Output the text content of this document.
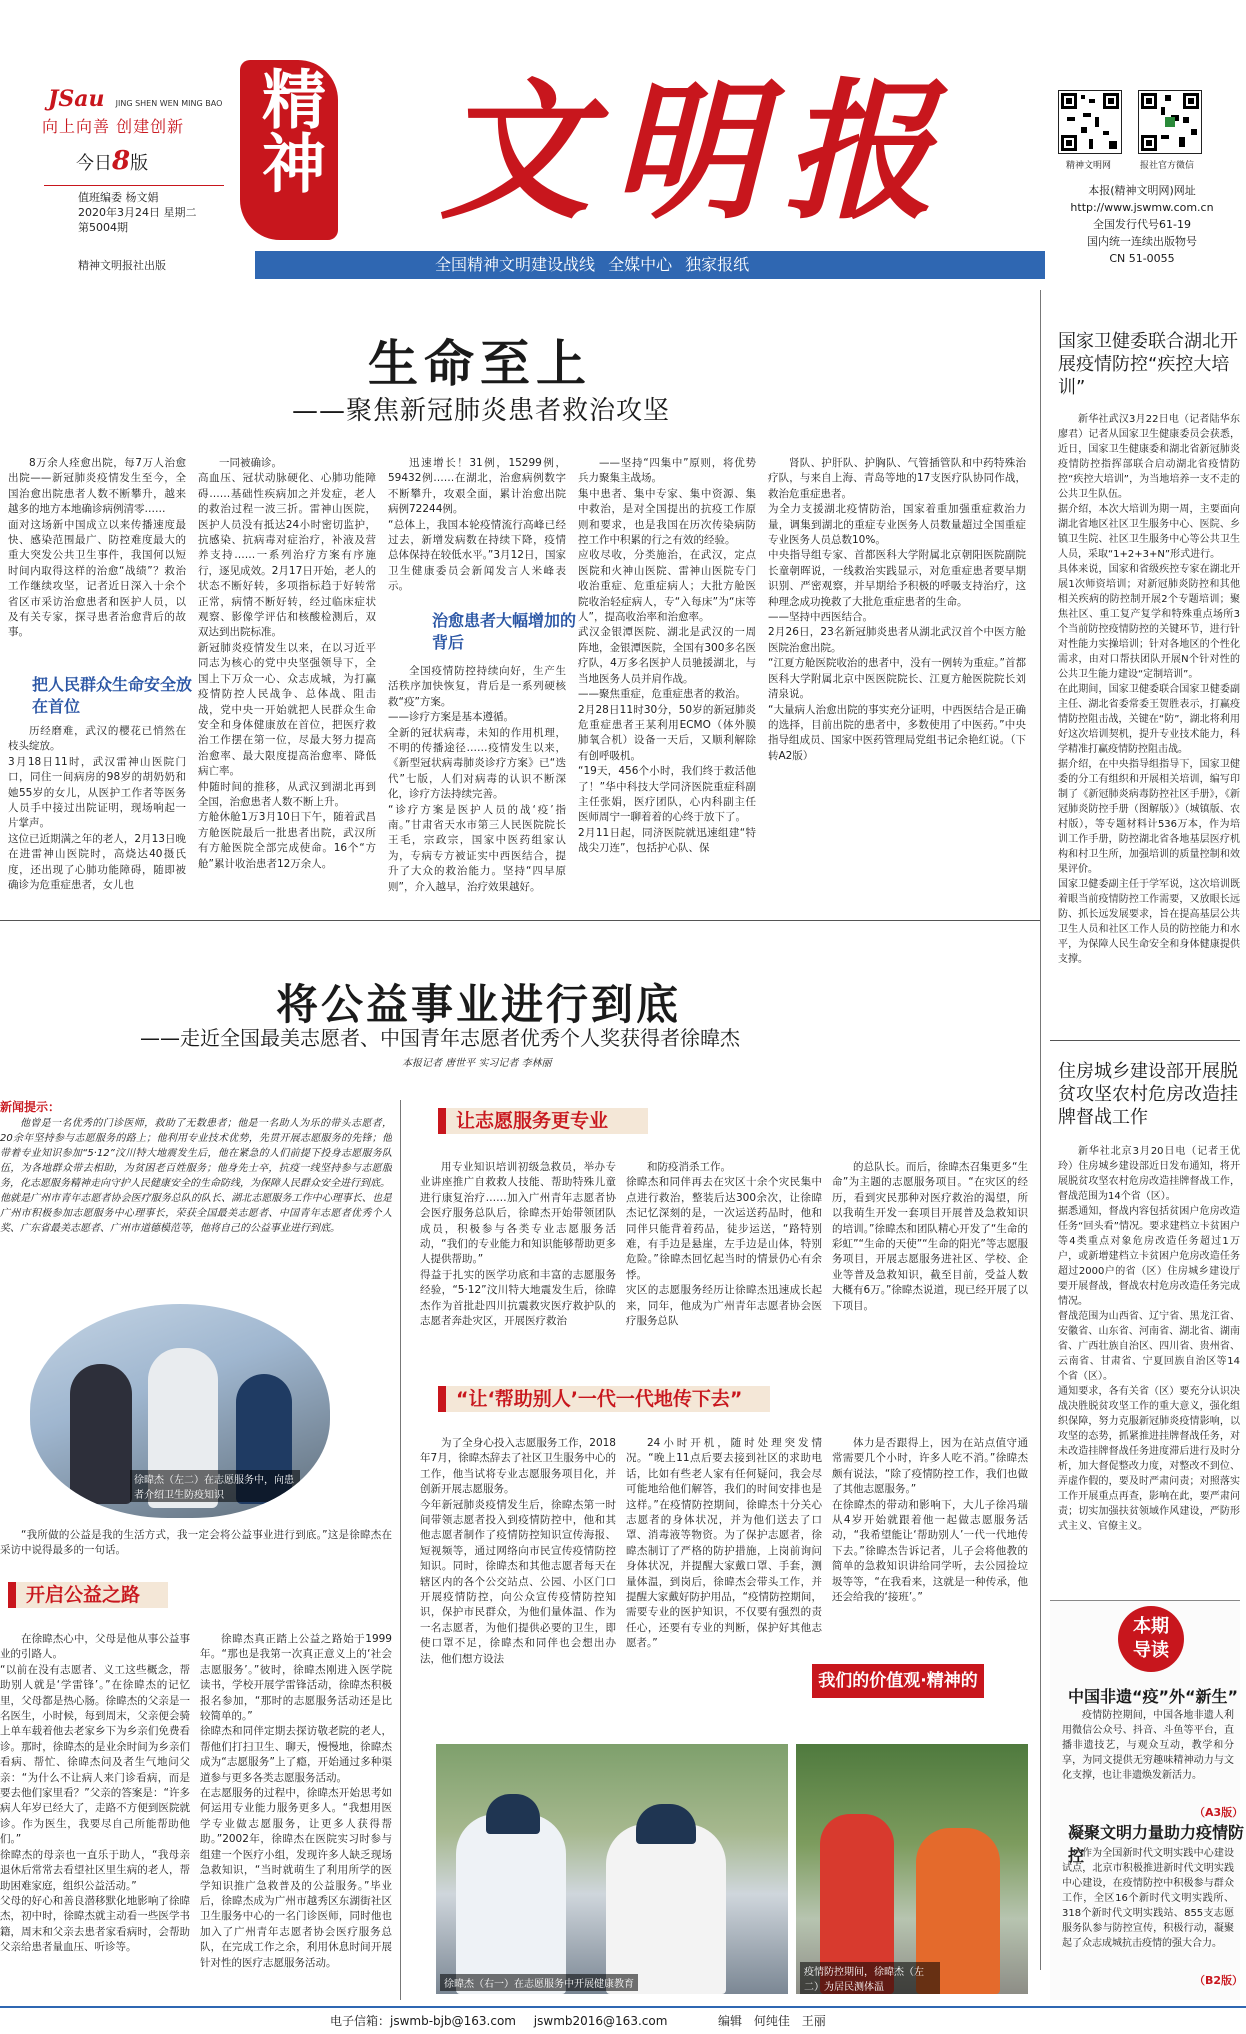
JSau JING SHEN WEN MING BAO
向上向善 创建创新
今日8版
值班编委 杨文娟
2020年3月24日 星期二
第5004期
精神文明报社出版
精神 文明报
全国精神文明建设战线 全媒中心 独家报纸
精神文明网	报社官方微信
本报(精神文明网)网址
http://www.jswmw.com.cn
全国发行代号61-19
国内统一连续出版物号
CN 51-0055
生命至上
——聚焦新冠肺炎患者救治攻坚

8万余人痊愈出院，每7万人治愈出院——新冠肺炎疫情发生至今，全国治愈出院患者人数不断攀升，越来越多的地方本地确诊病例清零……
面对这场新中国成立以来传播速度最快、感染范围最广、防控难度最大的重大突发公共卫生事件，我国何以短时间内取得这样的治愈“战绩”？救治工作继续攻坚，记者近日深入十余个省区市采访治愈患者和医护人员，以及有关专家，探寻患者治愈背后的故事。

把人民群众生命安全放在首位

历经磨难，武汉的樱花已悄然在枝头绽放。
3月18日11时，武汉雷神山医院门口，同住一间病房的98岁的胡奶奶和她55岁的女儿，从医护工作者等医务人员手中接过出院证明，现场响起一片掌声。
这位已近期满之年的老人，2月13日晚在进雷神山医院时，高烧达40摄氏度，还出现了心肺功能障碍，随即被确诊为危重症患者，女儿也

一同被确诊。
高血压、冠状动脉硬化、心肺功能障碍……基础性疾病加之并发症，老人的救治过程一波三折。雷神山医院，医护人员没有抵达24小时密切监护，抗感染、抗病毒对症治疗，补液及营养支持……一系列治疗方案有序施行，逐见成效。2月17日开始，老人的状态不断好转，多项指标趋于好转常正常，病情不断好转，经过临床症状观察、影像学评估和核酸检测后，双双达到出院标准。
新冠肺炎疫情发生以来，在以习近平同志为核心的党中央坚强领导下，全国上下万众一心、众志成城，为打赢疫情防控人民战争、总体战、阻击战，党中央一开始就把人民群众生命安全和身体健康放在首位，把医疗救治工作摆在第一位，尽最大努力提高治愈率、最大限度提高治愈率、降低病亡率。
仲随时间的推移，从武汉到湖北再到全国，治愈患者人数不断上升。
方舱休舱1万3月10日下午，随着武昌方舱医院最后一批患者出院，武汉所有方舱医院全部完成使命。16个“方舱”累计收治患者12万余人。

迅速增长！31例，15299例，59432例……在湖北，治愈病例数字不断攀升，攻艰全面，累计治愈出院病例72244例。
“总体上，我国本轮疫情流行高峰已经过去，新增发病数在持续下降，疫情总体保持在较低水平。”3月12日，国家卫生健康委员会新闻发言人米峰表示。

治愈患者大幅增加的背后

全国疫情防控持续向好，生产生活秩序加快恢复，背后是一系列硬核救“疫”方案。
——诊疗方案是基本遵循。
全新的冠状病毒，未知的作用机理，不明的传播途径……疫情发生以来，《新型冠状病毒肺炎诊疗方案》已“迭代”七版，人们对病毒的认识不断深化，诊疗方法持续完善。
“诊疗方案是医护人员的战‘疫’指南。”甘肃省天水市第三人民医院院长王毛，宗政宗，国家中医药组家认为，专病专方被证实中西医结合，提升了大众的救治能力。坚持“四早原则”，介入越早，治疗效果越好。

——坚持“四集中”原则，将优势兵力聚集主战场。
集中患者、集中专家、集中资源、集中救治，是对全国提出的抗疫工作原则和要求，也是我国在历次传染病防控工作中积累的行之有效的经验。
应收尽收，分类施治，在武汉，定点医院和火神山医院、雷神山医院专门收治重症、危重症病人；大批方舱医院收治轻症病人，专“入每床”为“床等人”，提高收治率和治愈率。
武汉金银潭医院、湖北是武汉的一周阵地，金银潭医院，全国有300多名医疗队，4万多名医护人员驰援湖北，与当地医务人员并肩作战。
——聚焦重症，危重症患者的救治。
2月28日11时30分，50岁的新冠肺炎危重症患者王某利用ECMO（体外膜肺氧合机）设备一天后，又顺利解除有创呼吸机。
“19天，456个小时，我们终于救活他了！”华中科技大学同济医院重症科副主任张娟，医疗团队，心内科副主任医师周宁一聊着着的心终于放下了。
2月11日起，同济医院就迅速组建“特战尖刀连”，包括护心队、保

肾队、护肝队、护胸队、气管插管队和中药特殊治疗队，与来自上海、青岛等地的17支医疗队协同作战，救治危重症患者。
为全力支援湖北疫情防治，国家着重加强重症救治力量，调集到湖北的重症专业医务人员数量超过全国重症专业医务人员总数10%。
中央指导组专家、首都医科大学附属北京朝阳医院副院长童朝晖说，一线救治实践显示，对危重症患者要早期识别、严密观察，并早期给予积极的呼吸支持治疗，这种理念成功挽救了大批危重症患者的生命。
——坚持中西医结合。
2月26日，23名新冠肺炎患者从湖北武汉首个中医方舱医院治愈出院。
“江夏方舱医院收治的患者中，没有一例转为重症。”首都医科大学附属北京中医医院院长、江夏方舱医院院长刘清泉说。
“大量病人治愈出院的事实充分证明，中西医结合是正确的选择，目前出院的患者中，多数使用了中医药。”中央指导组成员、国家中医药管理局党组书记余艳红说。（下转A2版）

国家卫健委联合湖北开展疫情防控“疾控大培训”

新华社武汉3月22日电（记者陆华东 廖君）记者从国家卫生健康委员会获悉，近日，国家卫生健康委和湖北省新冠肺炎疫情防控指挥部联合启动湖北省疫情防控“疾控大培训”，为当地培养一支不走的公共卫生队伍。
据介绍，本次大培训为期一周，主要面向湖北省地区社区卫生服务中心、医院、乡镇卫生院、社区卫生服务中心等公共卫生人员，采取“1+2+3+N”形式进行。
具体来说，国家和省级疾控专家在湖北开展1次师资培训；对新冠肺炎防控和其他相关疾病的防控制开展2个专题培训；聚焦社区、重工复产复学和特殊重点场所3个当前防控疫情防控的关键环节，进行针对性能力实操培训；针对各地区的个性化需求，由对口帮扶团队开展N个针对性的公共卫生能力建设“定制培训”。
在此期间，国家卫健委联合国家卫健委副主任、湖北省委常委王贺胜表示，打赢疫情防控阻击战，关键在“防”，湖北将利用好这次培训契机，提升专业技术能力，科学精准打赢疫情防控阻击战。
据介绍，在中央指导组指导下，国家卫健委的分工有组织和开展相关培训，编写印制了《新冠肺炎病毒防控社区手册》，《新冠肺炎防控手册（图解版）》（城镇版、农村版），等专题材料计536万本，作为培训工作手册，防控湖北省各地基层医疗机构和村卫生所，加强培训的质量控制和效果评价。
国家卫健委副主任于学军说，这次培训既着眼当前疫情防控工作需要，又放眼长远防、抓长远发展要求，旨在提高基层公共卫生人员和社区工作人员的防控能力和水平，为保障人民生命安全和身体健康提供支撑。

住房城乡建设部开展脱贫攻坚农村危房改造挂牌督战工作

新华社北京3月20日电（记者王优玲）住房城乡建设部近日发布通知，将开展脱贫攻坚农村危房改造挂牌督战工作，督战范围为14个省（区）。
据悉通知，督战内容包括贫困户危房改造任务“回头看”情况。要求建档立卡贫困户等4类重点对象危房改造任务超过1万户，或新增建档立卡贫困户危房改造任务超过2000户的省（区）住房城乡建设厅要开展督战，督战农村危房改造任务完成情况。
督战范围为山西省、辽宁省、黑龙江省、安徽省、山东省、河南省、湖北省、湖南省、广西壮族自治区、四川省、贵州省、云南省、甘肃省、宁夏回族自治区等14个省（区）。
通知要求，各有关省（区）要充分认识决战决胜脱贫攻坚工作的重大意义，强化组织保障，努力克服新冠肺炎疫情影响，以攻坚的态势，抓紧推进挂牌督战任务，对未改造挂牌督战任务进度滞后进行及时分析，加大督促整改力度，对整改不到位、弄虚作假的，要及时严肃问责；对照落实工作开展重点再查，影响在此，要严肃问责；切实加强扶贫领域作风建设，严防形式主义、官僚主义。

本期导读
中国非遗“疫”外“新生”

疫情防控期间，中国各地非遗人利用微信公众号、抖音、斗鱼等平台，直播非遗技艺，与观众互动，教学和分享，为同文提供无穷趣味精神动力与文化支撑，也让非遗焕发新活力。

（A3版）
凝聚文明力量助力疫情防控

作为全国新时代文明实践中心建设试点，北京市积极推进新时代文明实践中心建设，在疫情防控中积极参与群众工作，全区16个新时代文明实践所、318个新时代文明实践站、855支志愿服务队参与防控宣传，积极行动，凝聚起了众志成城抗击疫情的强大合力。

（B2版）
将公益事业进行到底
——走近全国最美志愿者、中国青年志愿者优秀个人奖获得者徐暐杰
本报记者 唐世平 实习记者 李林丽
新闻提示：
他曾是一名优秀的门诊医师，救助了无数患者；他是一名助人为乐的带头志愿者，20余年坚持参与志愿服务的路上；他利用专业技术优势，先贯开展志愿服务的先锋；他带着专业知识参加“5·12”汶川特大地震发生后，他在紧急的人们前提下投身志愿服务队伍，为各地群众带去相助，为贫困老百姓服务；他身先士卒，抗疫一线坚持参与志愿服务，化志愿服务精神走向守护人民健康安全的生命防线，为保障人民群众安全进行到底。
他就是广州市青年志愿者协会医疗服务总队的队长、湖北志愿服务工作中心理事长、也是广州市积极参加志愿服务中心理事长，荣获全国最美志愿者、中国青年志愿者优秀个人奖、广东省最美志愿者、广州市道德模范等，他将自己的公益事业进行到底。
徐暐杰（左二）在志愿服务中，向患者介绍卫生防疫知识

“我所做的公益是我的生活方式，我一定会将公益事业进行到底。”这是徐暐杰在采访中说得最多的一句话。

开启公益之路

在徐暐杰心中，父母是他从事公益事业的引路人。
“以前在没有志愿者、义工这些概念，帮助别人就是‘学雷锋’。”在徐暐杰的记忆里，父母都是热心肠。徐暐杰的父亲是一名医生，小时候，每到周末，父亲便会骑上单车载着他去老家乡下为乡亲们免费看诊。那时，徐暐杰的是业余时间为乡亲们看病、帮忙、徐暐杰问及者生气地问父亲：“为什么不让病人来门诊看病，而是要去他们家里看？”父亲的答案是：“许多病人年岁已经大了，走路不方便到医院就诊。作为医生，我要尽自己所能帮助他们。”
徐暐杰的母亲也一直乐于助人，“我母亲退休后常常去看望社区里生病的老人，帮助困难家庭，组织公益活动。”
父母的好心和善良潜移默化地影响了徐暐杰，初中时，徐暐杰就主动看一些医学书籍，周末和父亲去患者家看病时，会帮助父亲给患者量血压、听诊等。

徐暐杰真正踏上公益之路始于1999年。“那也是我第一次真正意义上的‘社会志愿服务’。”彼时，徐暐杰刚进入医学院读书，学校开展学雷锋活动，徐暐杰积极报名参加，“那时的志愿服务活动还是比较简单的。”
徐暐杰和同伴定期去探访敬老院的老人，帮他们打扫卫生、聊天，慢慢地，徐暐杰成为“志愿服务”上了瘾，开始通过多种渠道参与更多各类志愿服务活动。
在志愿服务的过程中，徐暐杰开始思考如何运用专业能力服务更多人。“我想用医学专业做志愿服务，让更多人获得帮助。”2002年，徐暐杰在医院实习时参与组建一个医疗小组，发现许多人缺乏现场急救知识，“当时就萌生了利用所学的医学知识推广急救普及的公益服务。”毕业后，徐暐杰成为广州市越秀区东湖街社区卫生服务中心的一名门诊医师，同时他也加入了广州青年志愿者协会医疗服务总队，在完成工作之余，利用休息时间开展针对性的医疗志愿服务活动。

让志愿服务更专业

用专业知识培训初级急救员，举办专业讲座推广自救救人技能、帮助特殊儿童进行康复治疗……加入广州青年志愿者协会医疗服务总队后，徐暐杰开始带领团队成员，积极参与各类专业志愿服务活动，“我们的专业能力和知识能够帮助更多人提供帮助。”
得益于扎实的医学功底和丰富的志愿服务经验，“5·12”汶川特大地震发生后，徐暐杰作为首批赴四川抗震救灾医疗救护队的志愿者奔赴灾区，开展医疗救治

和防疫消杀工作。
徐暐杰和同伴再去在灾区十余个灾民集中点进行救治，整装后达300余次，让徐暐杰记忆深刻的是，一次运送药品时，他和同伴只能背着药品，徒步运送，“路特别难，有手边是悬崖，左手边是山体，特别危险。”徐暐杰回忆起当时的情景仍心有余悸。
灾区的志愿服务经历让徐暐杰迅速成长起来，同年，他成为广州青年志愿者协会医疗服务总队

的总队长。而后，徐暐杰召集更多“生命”为主题的志愿服务项目。“在灾区的经历，看到灾民那种对医疗救治的渴望，所以我萌生开发一套项目开展普及急救知识的培训。”徐暐杰和团队精心开发了“生命的彩虹”“生命的天使”“生命的阳光”等志愿服务项目，开展志愿服务进社区、学校、企业等普及急救知识，截至目前，受益人数大概有6万。”徐暐杰说道，现已经开展了以下项目。

“让‘帮助别人’一代一代地传下去”

为了全身心投入志愿服务工作，2018年7月，徐暐杰辞去了社区卫生服务中心的工作，他当试将专业志愿服务项目化，并创新开展志愿服务。
今年新冠肺炎疫情发生后，徐暐杰第一时间带领志愿者投入到疫情防控中，他和其他志愿者制作了疫情防控知识宣传海报、短视频等，通过网络向市民宣传疫情防控知识。同时，徐暐杰和其他志愿者每天在辖区内的各个公交站点、公园、小区门口开展疫情防控，向公众宣传疫情防控知识，保护市民群众，为他们量体温、作为一名志愿者，为他们提供必要的卫生，即使口罩不足，徐暐杰和同伴也会想出办法，他们想方设法

24小时开机，随时处理突发情况。“晚上11点后要去接到社区的求助电话，比如有些老人家有任何疑问，我会尽可能地给他们解答，我们的时间安排也是这样。”在疫情防控期间，徐暐杰十分关心志愿者的身体状况，并为他们送去了口罩、消毒液等物资。为了保护志愿者，徐暐杰制订了严格的防护措施，上岗前询问身体状况，并提醒大家戴口罩、手套，测量体温，到岗后，徐暐杰会带头工作，并提醒大家戴好防护用品，“疫情防控期间，需要专业的医护知识，不仅要有强烈的责任心，还要有专业的判断，保护好其他志愿者。”

体力是否跟得上，因为在站点值守通常需要几个小时，许多人吃不消。”徐暐杰颇有说法，“除了疫情防控工作，我们也做了其他志愿服务。”
在徐暐杰的带动和影响下，大儿子徐冯瑞从4岁开始就跟着他一起做志愿服务活动，“我希望能让‘帮助别人’一代一代地传下去。”徐暐杰告诉记者，儿子会将他教的简单的急救知识讲给同学听，去公园捡垃圾等等，“在我看来，这就是一种传承，他还会给我的‘接班’。”

我们的价值观·精神的力量
徐暐杰（右一）在志愿服务中开展健康教育
疫情防控期间，徐暐杰（左二）为居民测体温
电子信箱：jswmb-bjb@163.com jswmb2016@163.com	编辑 何纯佳 王丽
